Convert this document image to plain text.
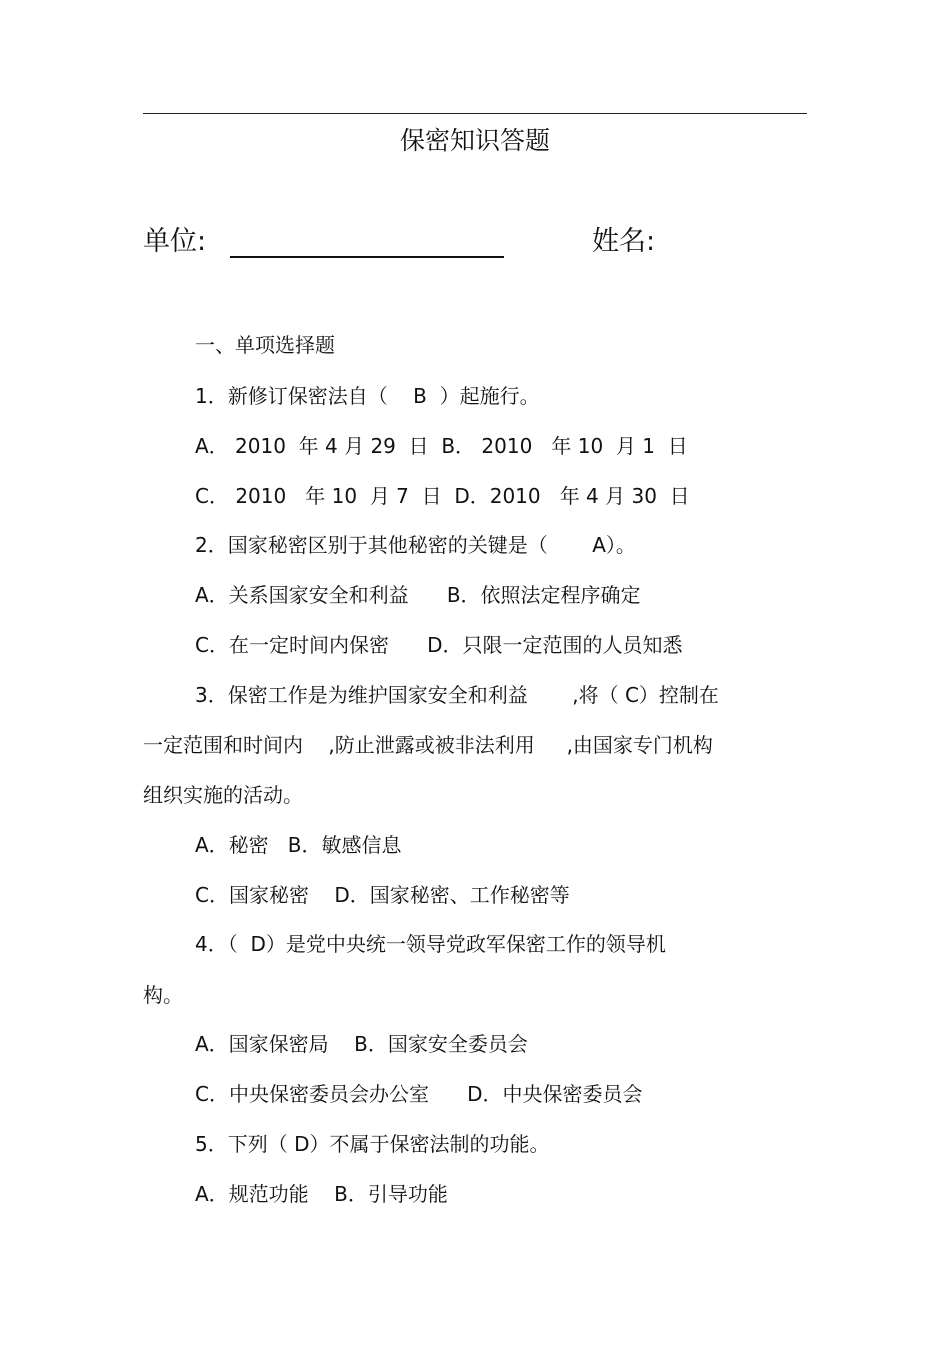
保密知识答题
单位:	姓名:
一、单项选择题
1．新修订保密法自（    B  ）起施行。
A． 2010  年 4 月 29  日  B． 2010   年 10  月 1  日
C． 2010   年 10  月 7  日  D．2010   年 4 月 30  日
2．国家秘密区别于其他秘密的关键是（       A）。
A．关系国家安全和利益      B．依照法定程序确定
C．在一定时间内保密      D．只限一定范围的人员知悉
3．保密工作是为维护国家安全和利益       ,将（ C）控制在
一定范围和时间内    ,防止泄露或被非法利用     ,由国家专门机构
组织实施的活动。
A．秘密   B．敏感信息
C．国家秘密    D．国家秘密、工作秘密等
4．（  D）是党中央统一领导党政军保密工作的领导机
构。
A．国家保密局    B．国家安全委员会
C．中央保密委员会办公室      D．中央保密委员会
5．下列（ D）不属于保密法制的功能。
A．规范功能    B．引导功能
